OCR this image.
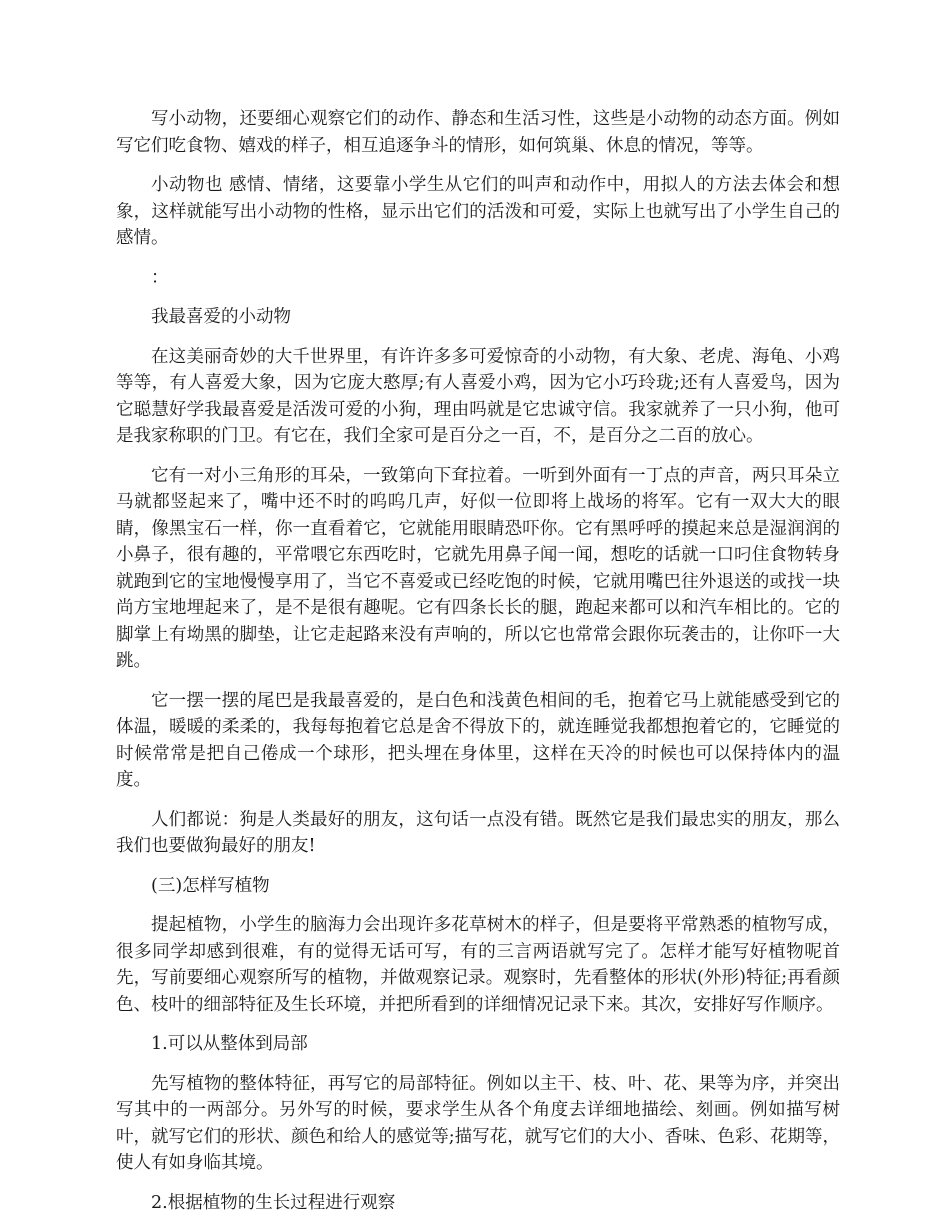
写小动物，还要细心观察它们的动作、静态和生活习性，这些是小动物的动态方面。例如写它们吃食物、嬉戏的样子，相互追逐争斗的情形，如何筑巢、休息的情况，等等。

小动物也 感情、情绪，这要靠小学生从它们的叫声和动作中，用拟人的方法去体会和想象，这样就能写出小动物的性格，显示出它们的活泼和可爱，实际上也就写出了小学生自己的感情。

：

我最喜爱的小动物

在这美丽奇妙的大千世界里，有许许多多可爱惊奇的小动物，有大象、老虎、海龟、小鸡等等，有人喜爱大象，因为它庞大憨厚;有人喜爱小鸡，因为它小巧玲珑;还有人喜爱鸟，因为它聪慧好学我最喜爱是活泼可爱的小狗，理由吗就是它忠诚守信。我家就养了一只小狗，他可是我家称职的门卫。有它在，我们全家可是百分之一百，不，是百分之二百的放心。

它有一对小三角形的耳朵，一致第向下耷拉着。一听到外面有一丁点的声音，两只耳朵立马就都竖起来了，嘴中还不时的呜呜几声，好似一位即将上战场的将军。它有一双大大的眼睛，像黑宝石一样，你一直看着它，它就能用眼睛恐吓你。它有黑呼呼的摸起来总是湿润润的小鼻子，很有趣的，平常喂它东西吃时，它就先用鼻子闻一闻，想吃的话就一口叼住食物转身就跑到它的宝地慢慢享用了，当它不喜爱或已经吃饱的时候，它就用嘴巴往外退送的或找一块尚方宝地埋起来了，是不是很有趣呢。它有四条长长的腿，跑起来都可以和汽车相比的。它的脚掌上有坳黑的脚垫，让它走起路来没有声响的，所以它也常常会跟你玩袭击的，让你吓一大跳。

它一摆一摆的尾巴是我最喜爱的，是白色和浅黄色相间的毛，抱着它马上就能感受到它的体温，暖暖的柔柔的，我每每抱着它总是舍不得放下的，就连睡觉我都想抱着它的，它睡觉的时候常常是把自己倦成一个球形，把头埋在身体里，这样在天冷的时候也可以保持体内的温度。

人们都说：狗是人类最好的朋友，这句话一点没有错。既然它是我们最忠实的朋友，那么我们也要做狗最好的朋友!

(三)怎样写植物

提起植物，小学生的脑海力会出现许多花草树木的样子，但是要将平常熟悉的植物写成，很多同学却感到很难，有的觉得无话可写，有的三言两语就写完了。怎样才能写好植物呢首先，写前要细心观察所写的植物，并做观察记录。观察时，先看整体的形状(外形)特征;再看颜色、枝叶的细部特征及生长环境，并把所看到的详细情况记录下来。其次，安排好写作顺序。

1.可以从整体到局部

先写植物的整体特征，再写它的局部特征。例如以主干、枝、叶、花、果等为序，并突出写其中的一两部分。另外写的时候，要求学生从各个角度去详细地描绘、刻画。例如描写树叶，就写它们的形状、颜色和给人的感觉等;描写花，就写它们的大小、香味、色彩、花期等，使人有如身临其境。

2.根据植物的生长过程进行观察
